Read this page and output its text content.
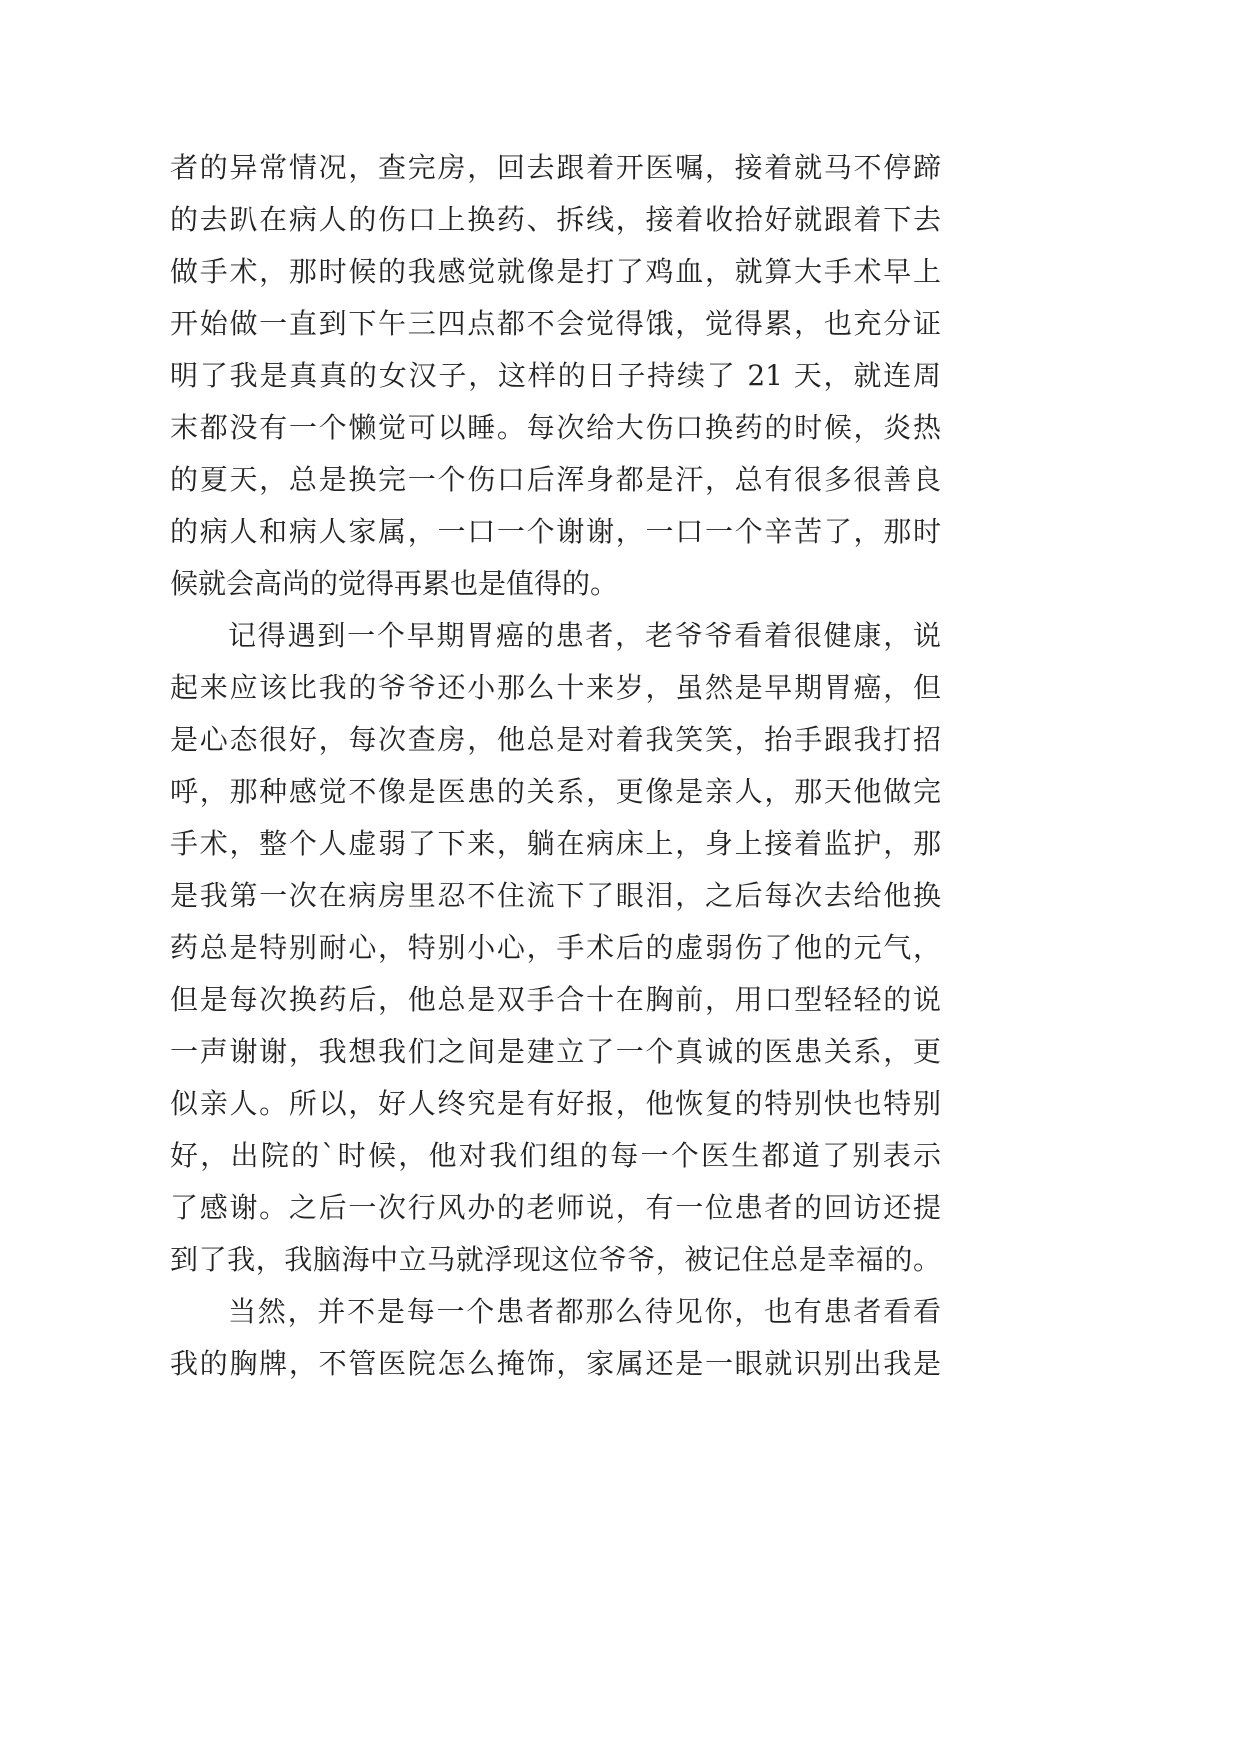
者的异常情况，查完房，回去跟着开医嘱，接着就马不停蹄
的去趴在病人的伤口上换药、拆线，接着收拾好就跟着下去
做手术，那时候的我感觉就像是打了鸡血，就算大手术早上
开始做一直到下午三四点都不会觉得饿，觉得累，也充分证
明了我是真真的女汉子，这样的日子持续了 21 天，就连周
末都没有一个懒觉可以睡。每次给大伤口换药的时候，炎热
的夏天，总是换完一个伤口后浑身都是汗，总有很多很善良
的病人和病人家属，一口一个谢谢，一口一个辛苦了，那时
候就会高尚的觉得再累也是值得的。
记得遇到一个早期胃癌的患者，老爷爷看着很健康，说
起来应该比我的爷爷还小那么十来岁，虽然是早期胃癌，但
是心态很好，每次查房，他总是对着我笑笑，抬手跟我打招
呼，那种感觉不像是医患的关系，更像是亲人，那天他做完
手术，整个人虚弱了下来，躺在病床上，身上接着监护，那
是我第一次在病房里忍不住流下了眼泪，之后每次去给他换
药总是特别耐心，特别小心，手术后的虚弱伤了他的元气，
但是每次换药后，他总是双手合十在胸前，用口型轻轻的说
一声谢谢，我想我们之间是建立了一个真诚的医患关系，更
似亲人。所以，好人终究是有好报，他恢复的特别快也特别
好，出院的`时候，他对我们组的每一个医生都道了别表示
了感谢。之后一次行风办的老师说，有一位患者的回访还提
到了我，我脑海中立马就浮现这位爷爷，被记住总是幸福的。
当然，并不是每一个患者都那么待见你，也有患者看看
我的胸牌，不管医院怎么掩饰，家属还是一眼就识别出我是
